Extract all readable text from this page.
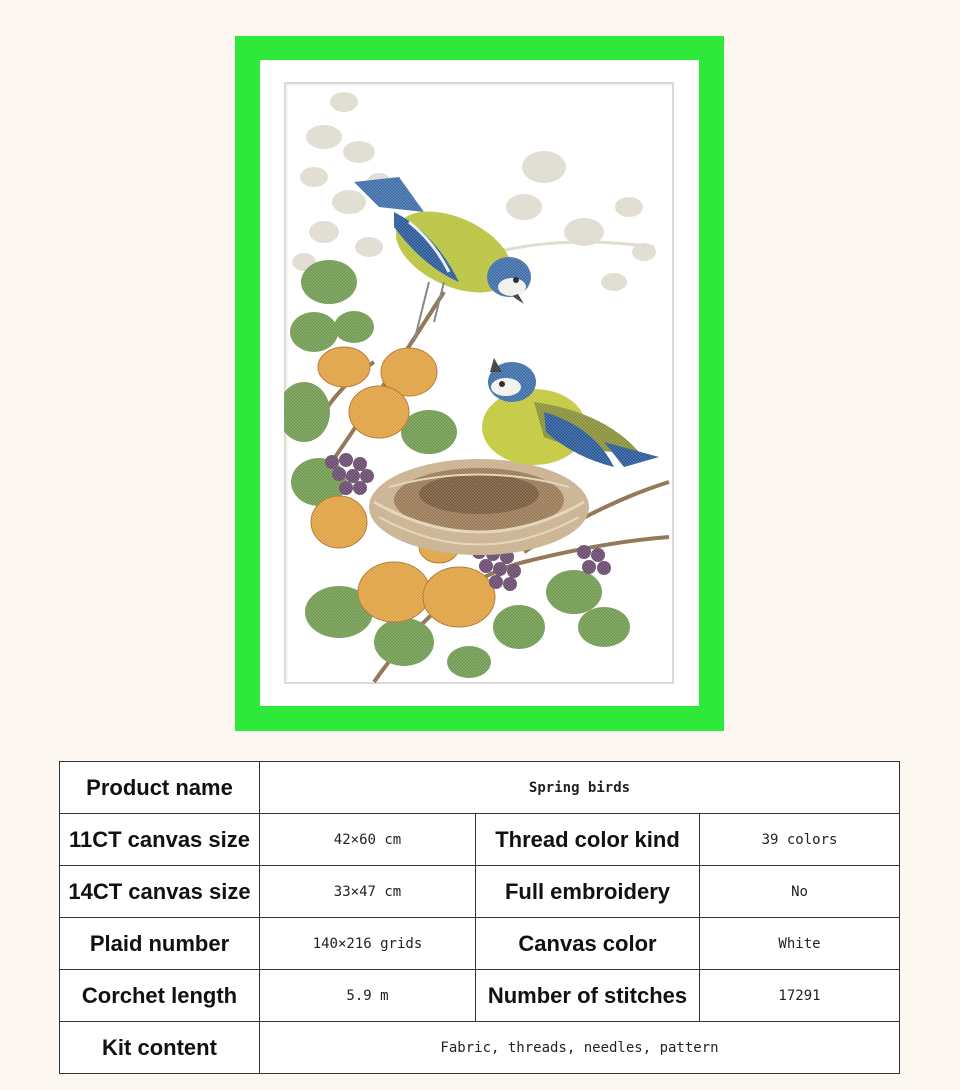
Product name	Spring birds		
11CT canvas size	42×60 cm	Thread color kind	39 colors
14CT canvas size	33×47 cm	Full embroidery	No
Plaid number	140×216 grids	Canvas color	White
Corchet length	5.9 m	Number of stitches	17291
Kit content	Fabric, threads, needles, pattern		
